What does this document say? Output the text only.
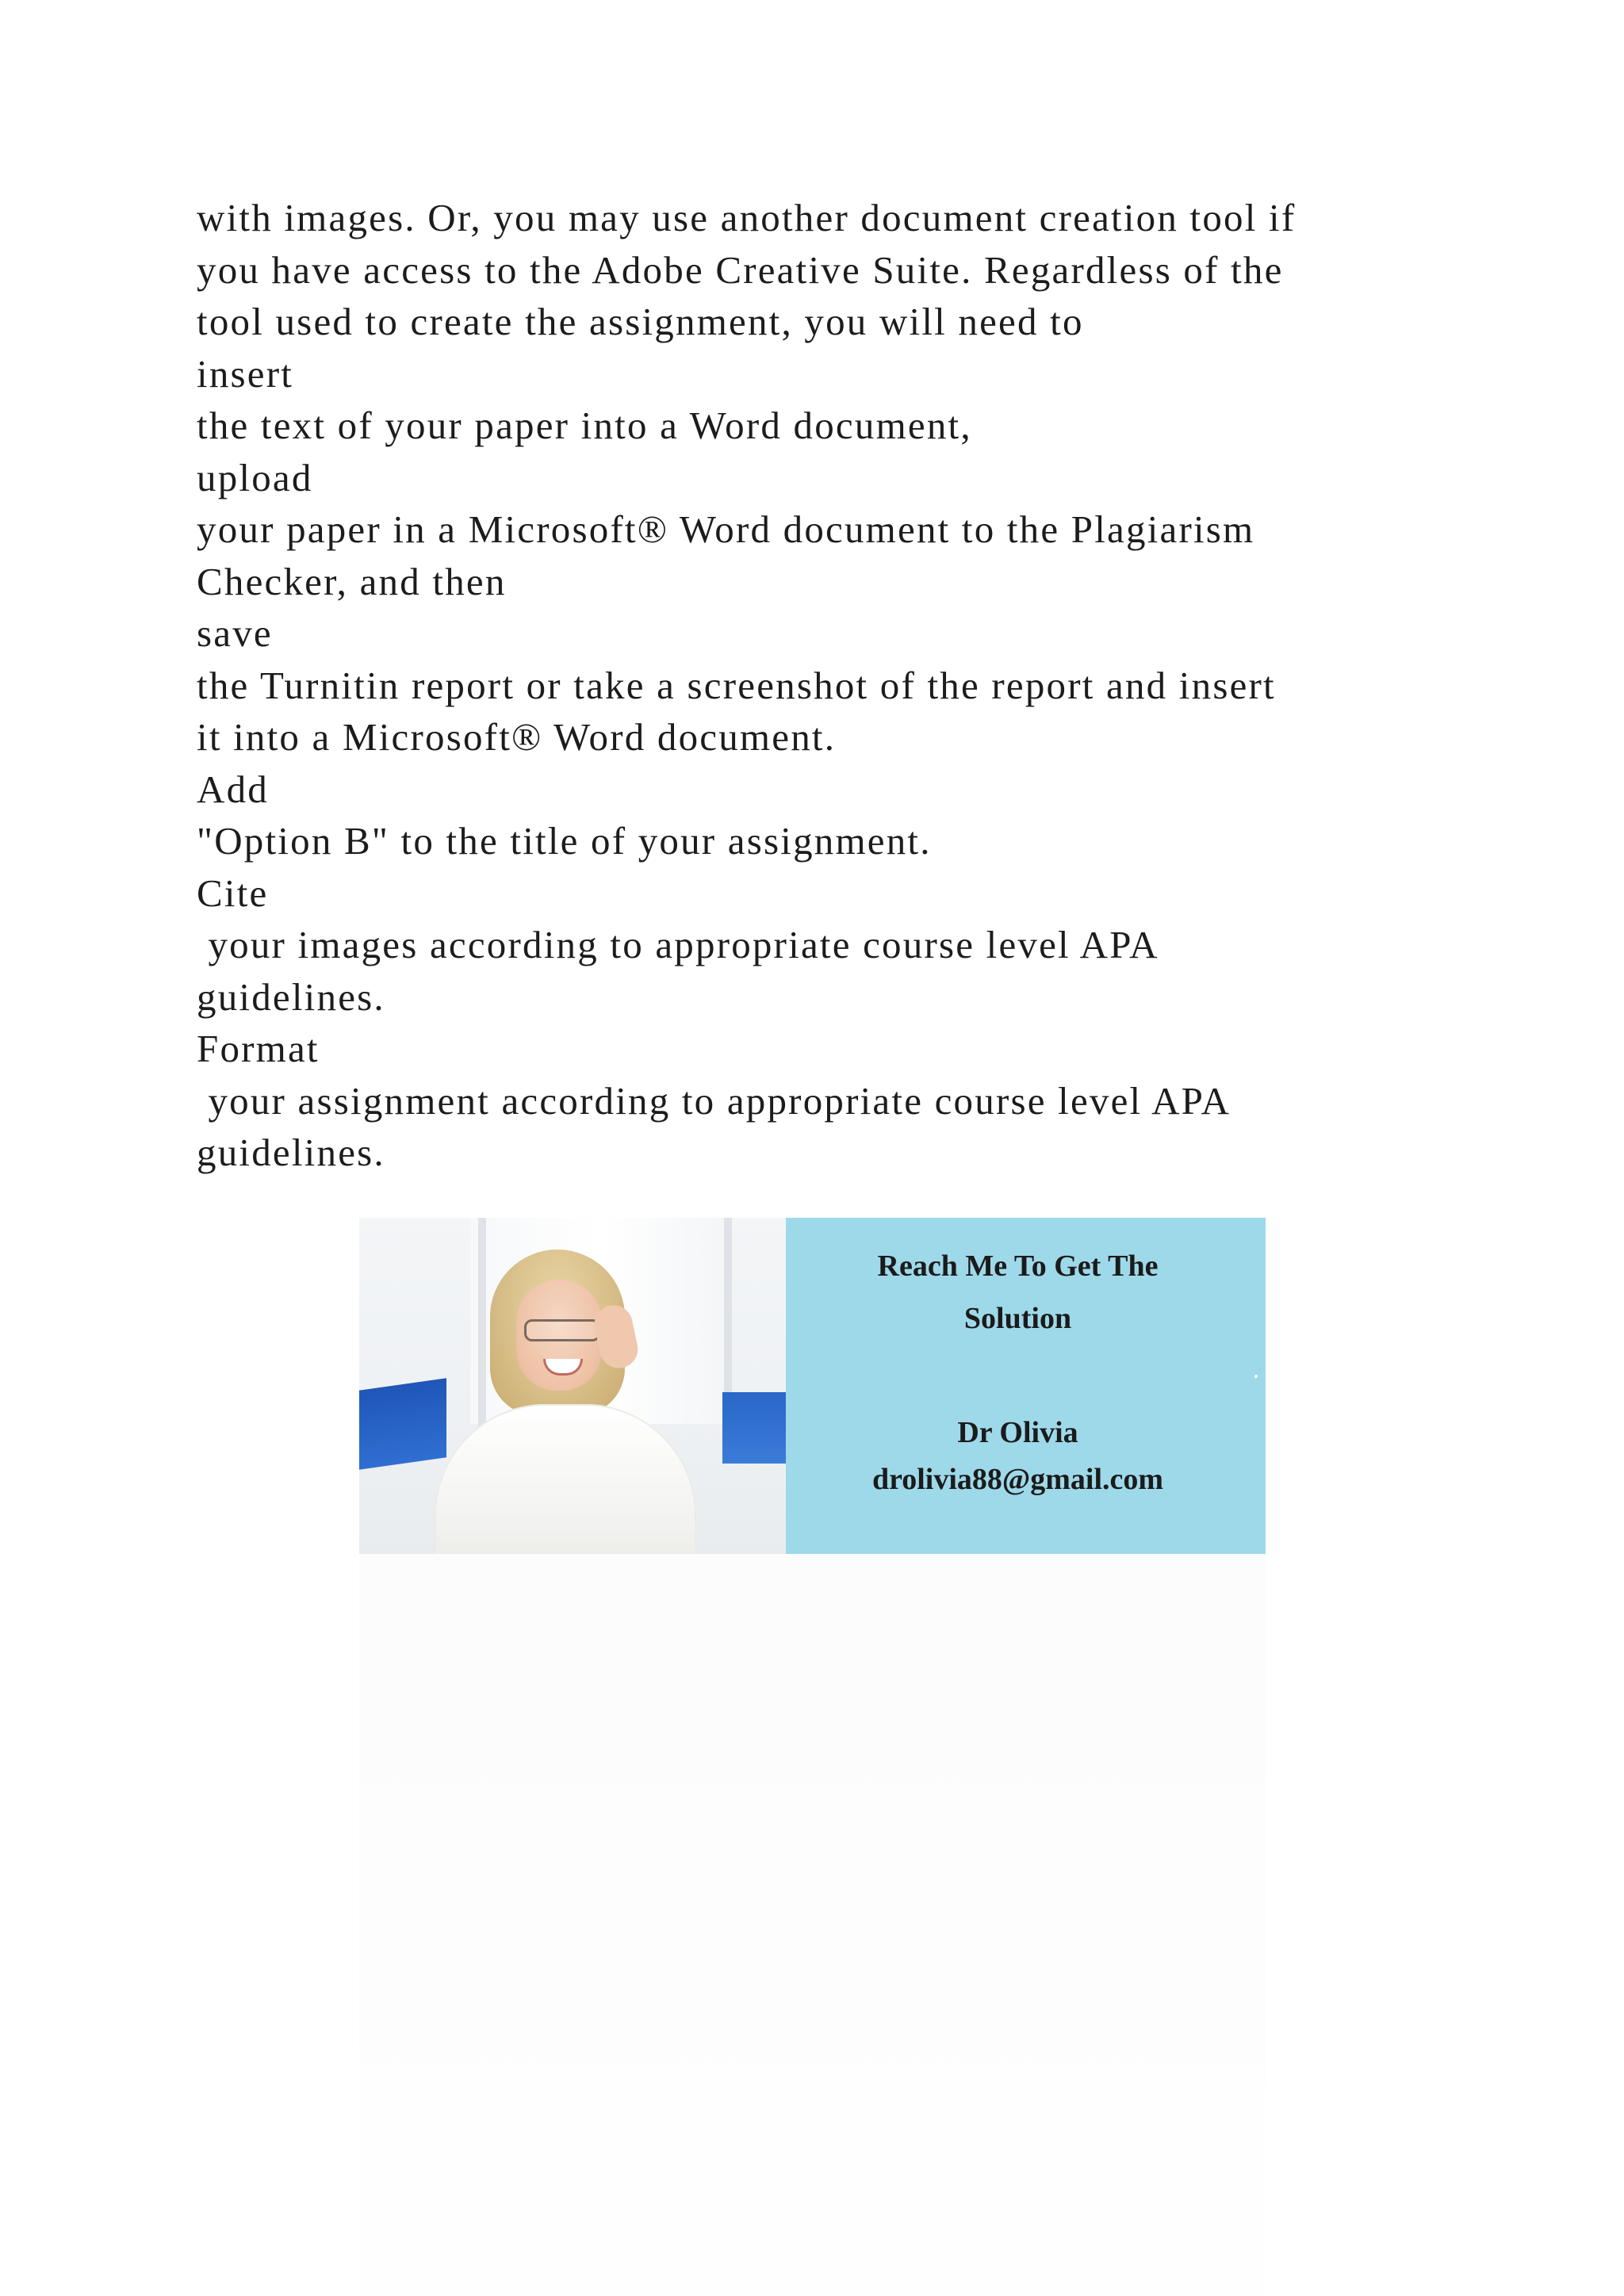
with images. Or, you may use another document creation tool if
you have access to the Adobe Creative Suite. Regardless of the
tool used to create the assignment, you will need to
insert
the text of your paper into a Word document,
upload
your paper in a Microsoft® Word document to the Plagiarism
Checker, and then
save
the Turnitin report or take a screenshot of the report and insert
it into a Microsoft® Word document.
Add
"Option B" to the title of your assignment.
Cite
your images according to appropriate course level APA
guidelines.
Format
your assignment according to appropriate course level APA
guidelines.

Reach Me To Get The

Solution

Dr Olivia

drolivia88@gmail.com
